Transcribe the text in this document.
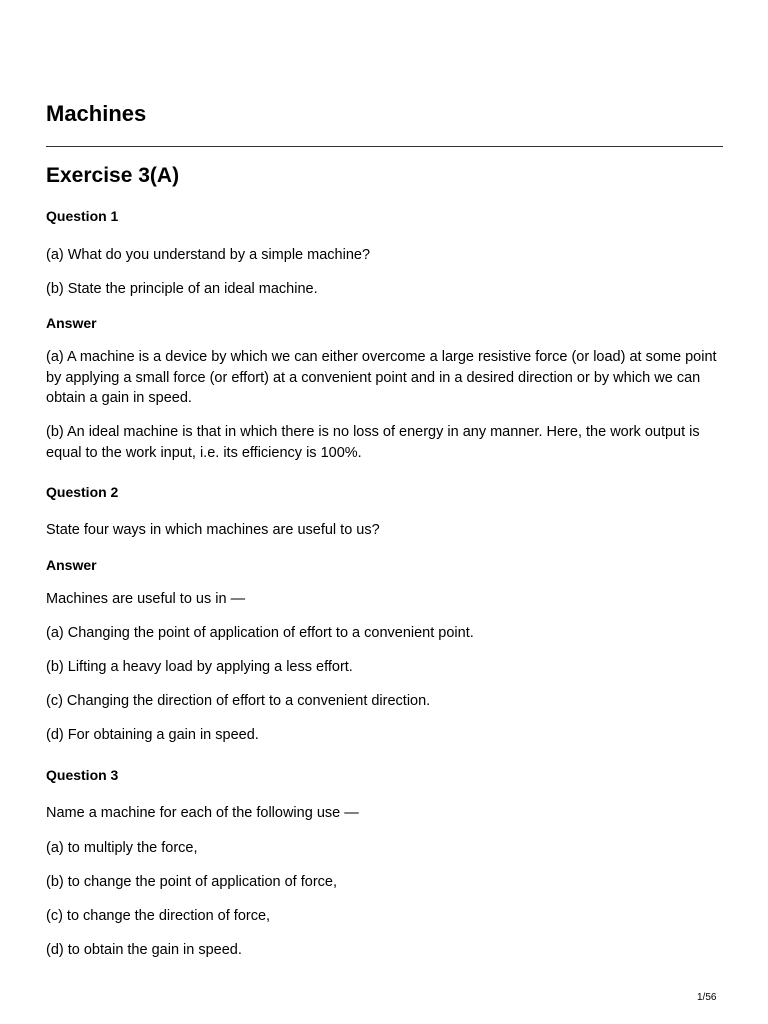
Machines
Exercise 3(A)

Question 1

(a) What do you understand by a simple machine?

(b) State the principle of an ideal machine.

Answer

(a) A machine is a device by which we can either overcome a large resistive force (or load) at some point by applying a small force (or effort) at a convenient point and in a desired direction or by which we can obtain a gain in speed.

(b) An ideal machine is that in which there is no loss of energy in any manner. Here, the work output is equal to the work input, i.e. its efficiency is 100%.

Question 2

State four ways in which machines are useful to us?

Answer

Machines are useful to us in —

(a) Changing the point of application of effort to a convenient point.

(b) Lifting a heavy load by applying a less effort.

(c) Changing the direction of effort to a convenient direction.

(d) For obtaining a gain in speed.

Question 3

Name a machine for each of the following use —

(a) to multiply the force,

(b) to change the point of application of force,

(c) to change the direction of force,

(d) to obtain the gain in speed.

1/56
